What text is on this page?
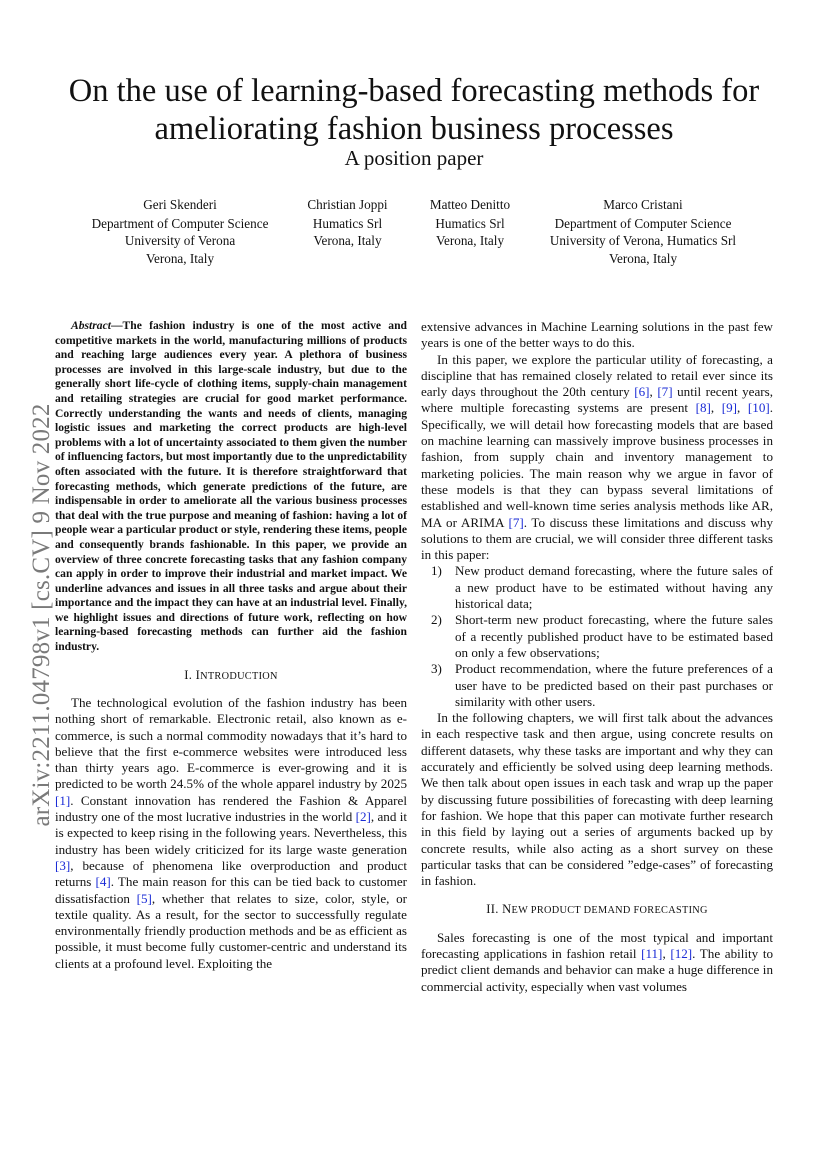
arXiv:2211.04798v1 [cs.CV] 9 Nov 2022
On the use of learning-based forecasting methods for ameliorating fashion business processes
A position paper
Geri Skenderi
Department of Computer Science
University of Verona
Verona, Italy
Christian Joppi
Humatics Srl
Verona, Italy
Matteo Denitto
Humatics Srl
Verona, Italy
Marco Cristani
Department of Computer Science
University of Verona, Humatics Srl
Verona, Italy

Abstract—The fashion industry is one of the most active and competitive markets in the world, manufacturing millions of products and reaching large audiences every year. A plethora of business processes are involved in this large-scale industry, but due to the generally short life-cycle of clothing items, supply-chain management and retailing strategies are crucial for good market performance. Correctly understanding the wants and needs of clients, managing logistic issues and marketing the correct products are high-level problems with a lot of uncertainty associated to them given the number of influencing factors, but most importantly due to the unpredictability often associated with the future. It is therefore straightforward that forecasting methods, which generate predictions of the future, are indispensable in order to ameliorate all the various business processes that deal with the true purpose and meaning of fashion: having a lot of people wear a particular product or style, rendering these items, people and consequently brands fashionable. In this paper, we provide an overview of three concrete forecasting tasks that any fashion company can apply in order to improve their industrial and market impact. We underline advances and issues in all three tasks and argue about their importance and the impact they can have at an industrial level. Finally, we highlight issues and directions of future work, reflecting on how learning-based forecasting methods can further aid the fashion industry.

I. INTRODUCTION

The technological evolution of the fashion industry has been nothing short of remarkable. Electronic retail, also known as e-commerce, is such a normal commodity nowadays that it’s hard to believe that the first e-commerce websites were introduced less than thirty years ago. E-commerce is ever-growing and it is predicted to be worth 24.5% of the whole apparel industry by 2025 [1]. Constant innovation has rendered the Fashion & Apparel industry one of the most lucrative industries in the world [2], and it is expected to keep rising in the following years. Nevertheless, this industry has been widely criticized for its large waste generation [3], because of phenomena like overproduction and product returns [4]. The main reason for this can be tied back to customer dissatisfaction [5], whether that relates to size, color, style, or textile quality. As a result, for the sector to successfully regulate environmentally friendly production methods and be as efficient as possible, it must become fully customer-centric and understand its clients at a profound level. Exploiting the

extensive advances in Machine Learning solutions in the past few years is one of the better ways to do this.

In this paper, we explore the particular utility of forecasting, a discipline that has remained closely related to retail ever since its early days throughout the 20th century [6], [7] until recent years, where multiple forecasting systems are present [8], [9], [10]. Specifically, we will detail how forecasting models that are based on machine learning can massively improve business processes in fashion, from supply chain and inventory management to marketing policies. The main reason why we argue in favor of these models is that they can bypass several limitations of established and well-known time series analysis methods like AR, MA or ARIMA [7]. To discuss these limitations and discuss why solutions to them are crucial, we will consider three different tasks in this paper:

1) New product demand forecasting, where the future sales of a new product have to be estimated without having any historical data;
2) Short-term new product forecasting, where the future sales of a recently published product have to be estimated based on only a few observations;
3) Product recommendation, where the future preferences of a user have to be predicted based on their past purchases or similarity with other users.

In the following chapters, we will first talk about the advances in each respective task and then argue, using concrete results on different datasets, why these tasks are important and why they can accurately and efficiently be solved using deep learning methods. We then talk about open issues in each task and wrap up the paper by discussing future possibilities of forecasting with deep learning for fashion. We hope that this paper can motivate further research in this field by laying out a series of arguments backed up by concrete results, while also acting as a short survey on these particular tasks that can be considered ”edge-cases” of forecasting in fashion.

II. NEW PRODUCT DEMAND FORECASTING

Sales forecasting is one of the most typical and important forecasting applications in fashion retail [11], [12]. The ability to predict client demands and behavior can make a huge difference in commercial activity, especially when vast volumes
